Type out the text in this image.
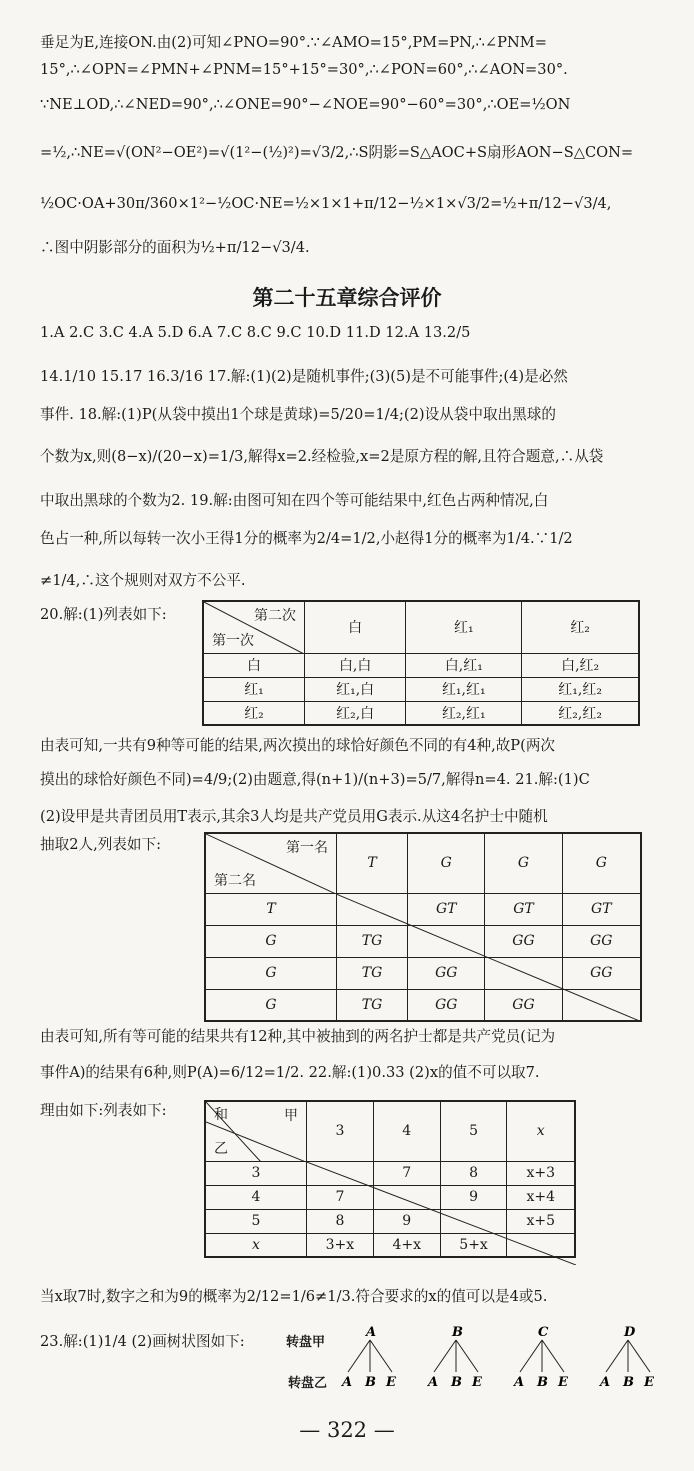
垂足为E,连接ON.由(2)可知∠PNO=90°.∵∠AMO=15°,PM=PN,∴∠PNM=
15°,∴∠OPN=∠PMN+∠PNM=15°+15°=30°,∴∠PON=60°,∴∠AON=30°.
∵NE⊥OD,∴∠NED=90°,∴∠ONE=90°−∠NOE=90°−60°=30°,∴OE=½ON
=½,∴NE=√(ON²−OE²)=√(1²−(½)²)=√3/2,∴S阴影=S△AOC+S扇形AON−S△CON=
½OC·OA+30π/360×1²−½OC·NE=½×1×1+π/12−½×1×√3/2=½+π/12−√3/4,
∴图中阴影部分的面积为½+π/12−√3/4.
第二十五章综合评价
1.A 2.C 3.C 4.A 5.D 6.A 7.C 8.C 9.C 10.D 11.D 12.A 13.2/5
14.1/10 15.17 16.3/16 17.解:(1)(2)是随机事件;(3)(5)是不可能事件;(4)是必然
事件. 18.解:(1)P(从袋中摸出1个球是黄球)=5/20=1/4;(2)设从袋中取出黑球的
个数为x,则(8−x)/(20−x)=1/3,解得x=2.经检验,x=2是原方程的解,且符合题意,∴从袋
中取出黑球的个数为2. 19.解:由图可知在四个等可能结果中,红色占两种情况,白
色占一种,所以每转一次小王得1分的概率为2/4=1/2,小赵得1分的概率为1/4.∵1/2
≠1/4,∴这个规则对双方不公平.
20.解:(1)列表如下:	第二次
第一次	白	红₁	红₂
白	白,白	白,红₁	白,红₂
红₁	红₁,白	红₁,红₁	红₁,红₂
红₂	红₂,白	红₂,红₁	红₂,红₂
由表可知,一共有9种等可能的结果,两次摸出的球恰好颜色不同的有4种,故P(两次
摸出的球恰好颜色不同)=4/9;(2)由题意,得(n+1)/(n+3)=5/7,解得n=4. 21.解:(1)C
(2)设甲是共青团员用T表示,其余3人均是共产党员用G表示.从这4名护士中随机
抽取2人,列表如下:	第一名
第二名	T	G	G	G
T		GT	GT	GT
G	TG		GG	GG
G	TG	GG		GG
G	TG	GG	GG	
由表可知,所有等可能的结果共有12种,其中被抽到的两名护士都是共产党员(记为
事件A)的结果有6种,则P(A)=6/12=1/2. 22.解:(1)0.33 (2)x的值不可以取7.
理由如下:列表如下:	和 甲
乙	3	4	5	x
3		7	8	x+3
4	7		9	x+4
5	8	9		x+5
x	3+x	4+x	5+x	
当x取7时,数字之和为9的概率为2/12=1/6≠1/3.符合要求的x的值可以是4或5.
23.解:(1)1/4 (2)画树状图如下:	转盘甲
转盘乙
A
A B E
B
A B E
C
A B E
D
A B E
— 322 —
